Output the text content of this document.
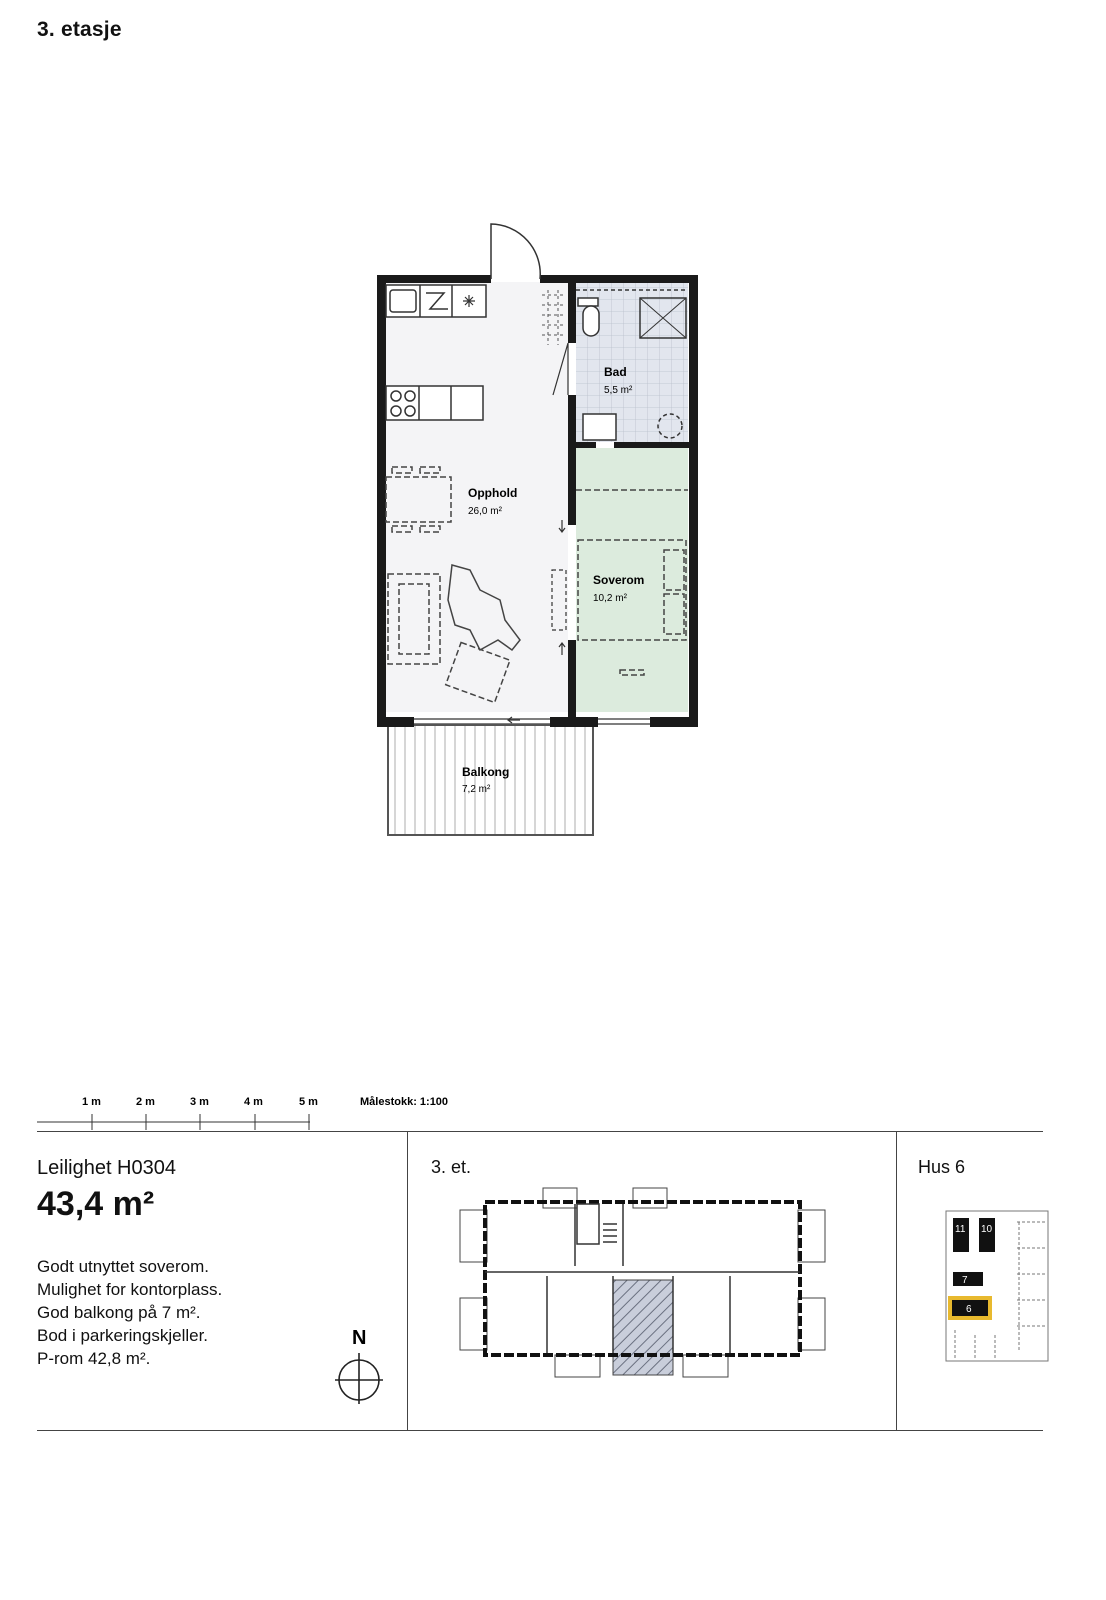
3. etasje
Opphold
26,0 m²
Bad
5,5 m²
Soverom
10,2 m²
Balkong
7,2 m²
1 m	2 m	3 m	4 m	5 m	Målestokk: 1:100
Leilighet H0304
43,4 m²
Godt utnyttet soverom.
Mulighet for kontorplass.
God balkong på 7 m².
Bod i parkeringskjeller.
P-rom 42,8 m².
N
3. et.	Hus 6
11 10
7
6
